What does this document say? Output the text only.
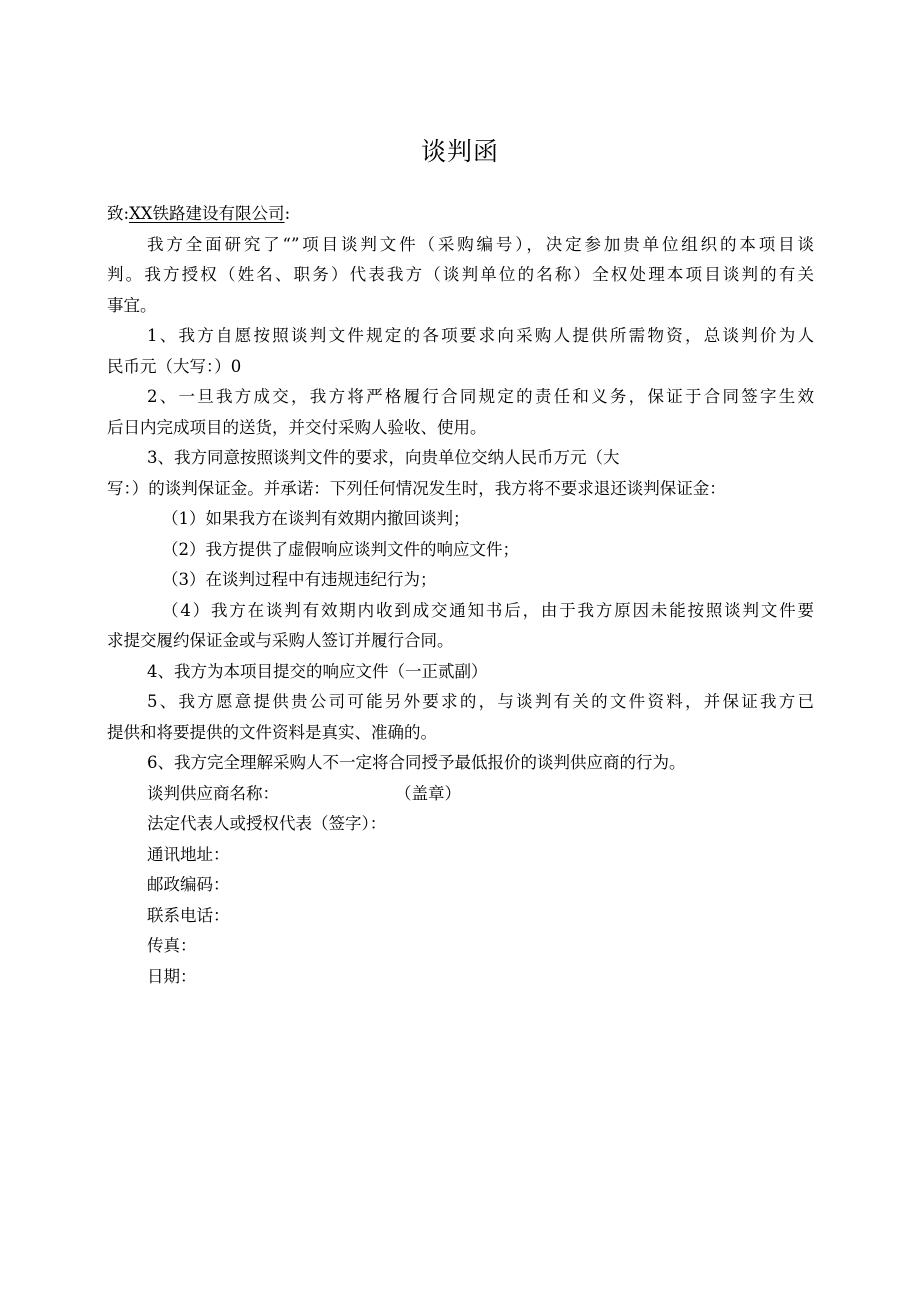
谈判函
致:XX铁路建设有限公司:
我方全面研究了“”项目谈判文件（采购编号），决定参加贵单位组织的本项目谈
判。我方授权（姓名、职务）代表我方（谈判单位的名称）全权处理本项目谈判的有关
事宜。
1、我方自愿按照谈判文件规定的各项要求向采购人提供所需物资，总谈判价为人
民币元（大写：）0
2、一旦我方成交，我方将严格履行合同规定的责任和义务，保证于合同签字生效
后日内完成项目的送货，并交付采购人验收、使用。
3、我方同意按照谈判文件的要求，向贵单位交纳人民币万元（大
写：）的谈判保证金。并承诺：下列任何情况发生时，我方将不要求退还谈判保证金：
（1）如果我方在谈判有效期内撤回谈判；
（2）我方提供了虚假响应谈判文件的响应文件；
（3）在谈判过程中有违规违纪行为；
（4）我方在谈判有效期内收到成交通知书后，由于我方原因未能按照谈判文件要
求提交履约保证金或与采购人签订并履行合同。
4、我方为本项目提交的响应文件（一正贰副）
5、我方愿意提供贵公司可能另外要求的，与谈判有关的文件资料，并保证我方已
提供和将要提供的文件资料是真实、准确的。
6、我方完全理解采购人不一定将合同授予最低报价的谈判供应商的行为。
谈判供应商名称：	（盖章）
法定代表人或授权代表（签字）：
通讯地址：
邮政编码：
联系电话：
传真：
日期：
